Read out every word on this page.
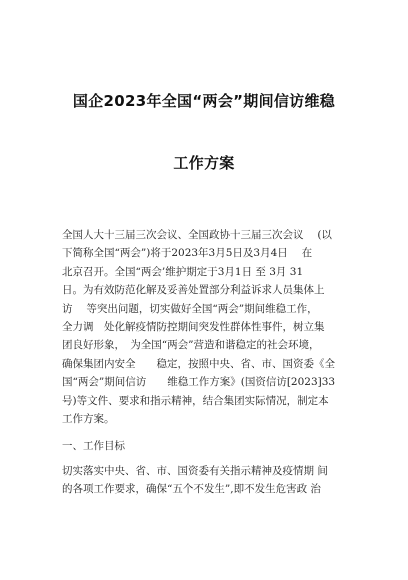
国企2023年全国“两会”期间信访维稳
工作方案
全国人大十三届三次会议、全国政协十三届三次会议　 (以
下简称全国“两会”)将于2023年3月5日及3月4日　 在
北京召开。全国“两会’维护期定于3月1日 至 3月 31
日。为有效防范化解及妥善处置部分利益诉求人员集体上
访　 等突出问题，切实做好全国“两会”期间维稳工作，
全力调　处化解疫情防控期间突发性群体性事件，树立集
团良好形象，　为全国“两会”营造和谐稳定的社会环境，
确保集团内安全　　稳定，按照中央、省、市、国资委《全
国“两会”期间信访　　维稳工作方案》(国资信访[2023]33
号)等文件、要求和指示精神，结合集团实际情况，制定本
工作方案。
一、工作目标
切实落实中央、省、市、国资委有关指示精神及疫情期 间
的各项工作要求，确保“五个不发生”,即不发生危害政 治
